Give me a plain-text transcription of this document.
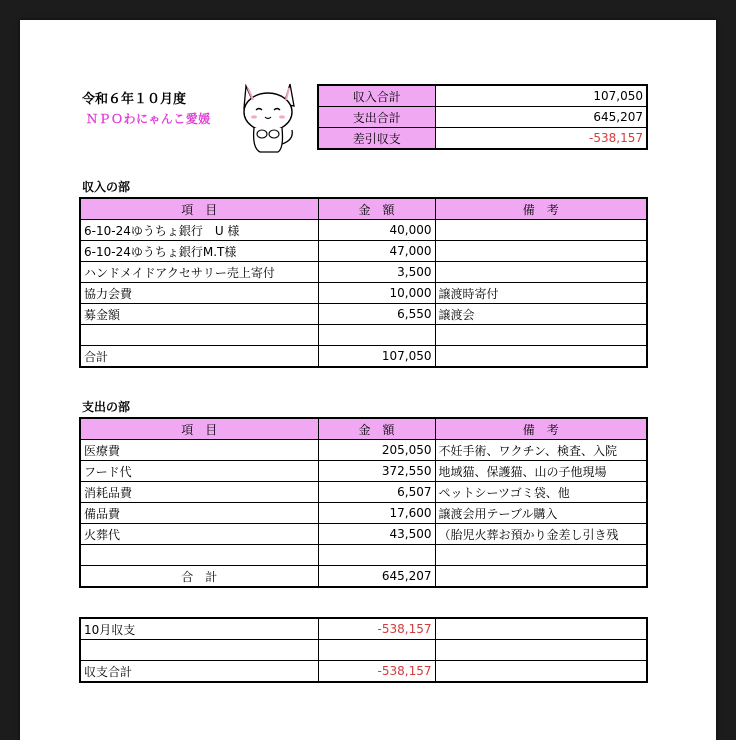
令和６年１０月度
ＮＰＯわにゃんこ愛媛
収入合計	107,050
支出合計	645,207
差引収支	-538,157
収入の部
項　目	金　額	備　考
6-10-24ゆうちょ銀行　U 様	40,000	
6-10-24ゆうちょ銀行M.T様	47,000	
ハンドメイドアクセサリー売上寄付	3,500	
協力会費	10,000	譲渡時寄付
募金額	6,550	譲渡会

合計	107,050	
支出の部
項　目	金　額	備　考
医療費	205,050	不妊手術、ワクチン、検査、入院
フード代	372,550	地域猫、保護猫、山の子他現場
消耗品費	6,507	ペットシーツゴミ袋、他
備品費	17,600	譲渡会用テーブル購入
火葬代	43,500	（胎児火葬お預かり金差し引き残

合　計	645,207	
10月収支	-538,157	

収支合計	-538,157	
